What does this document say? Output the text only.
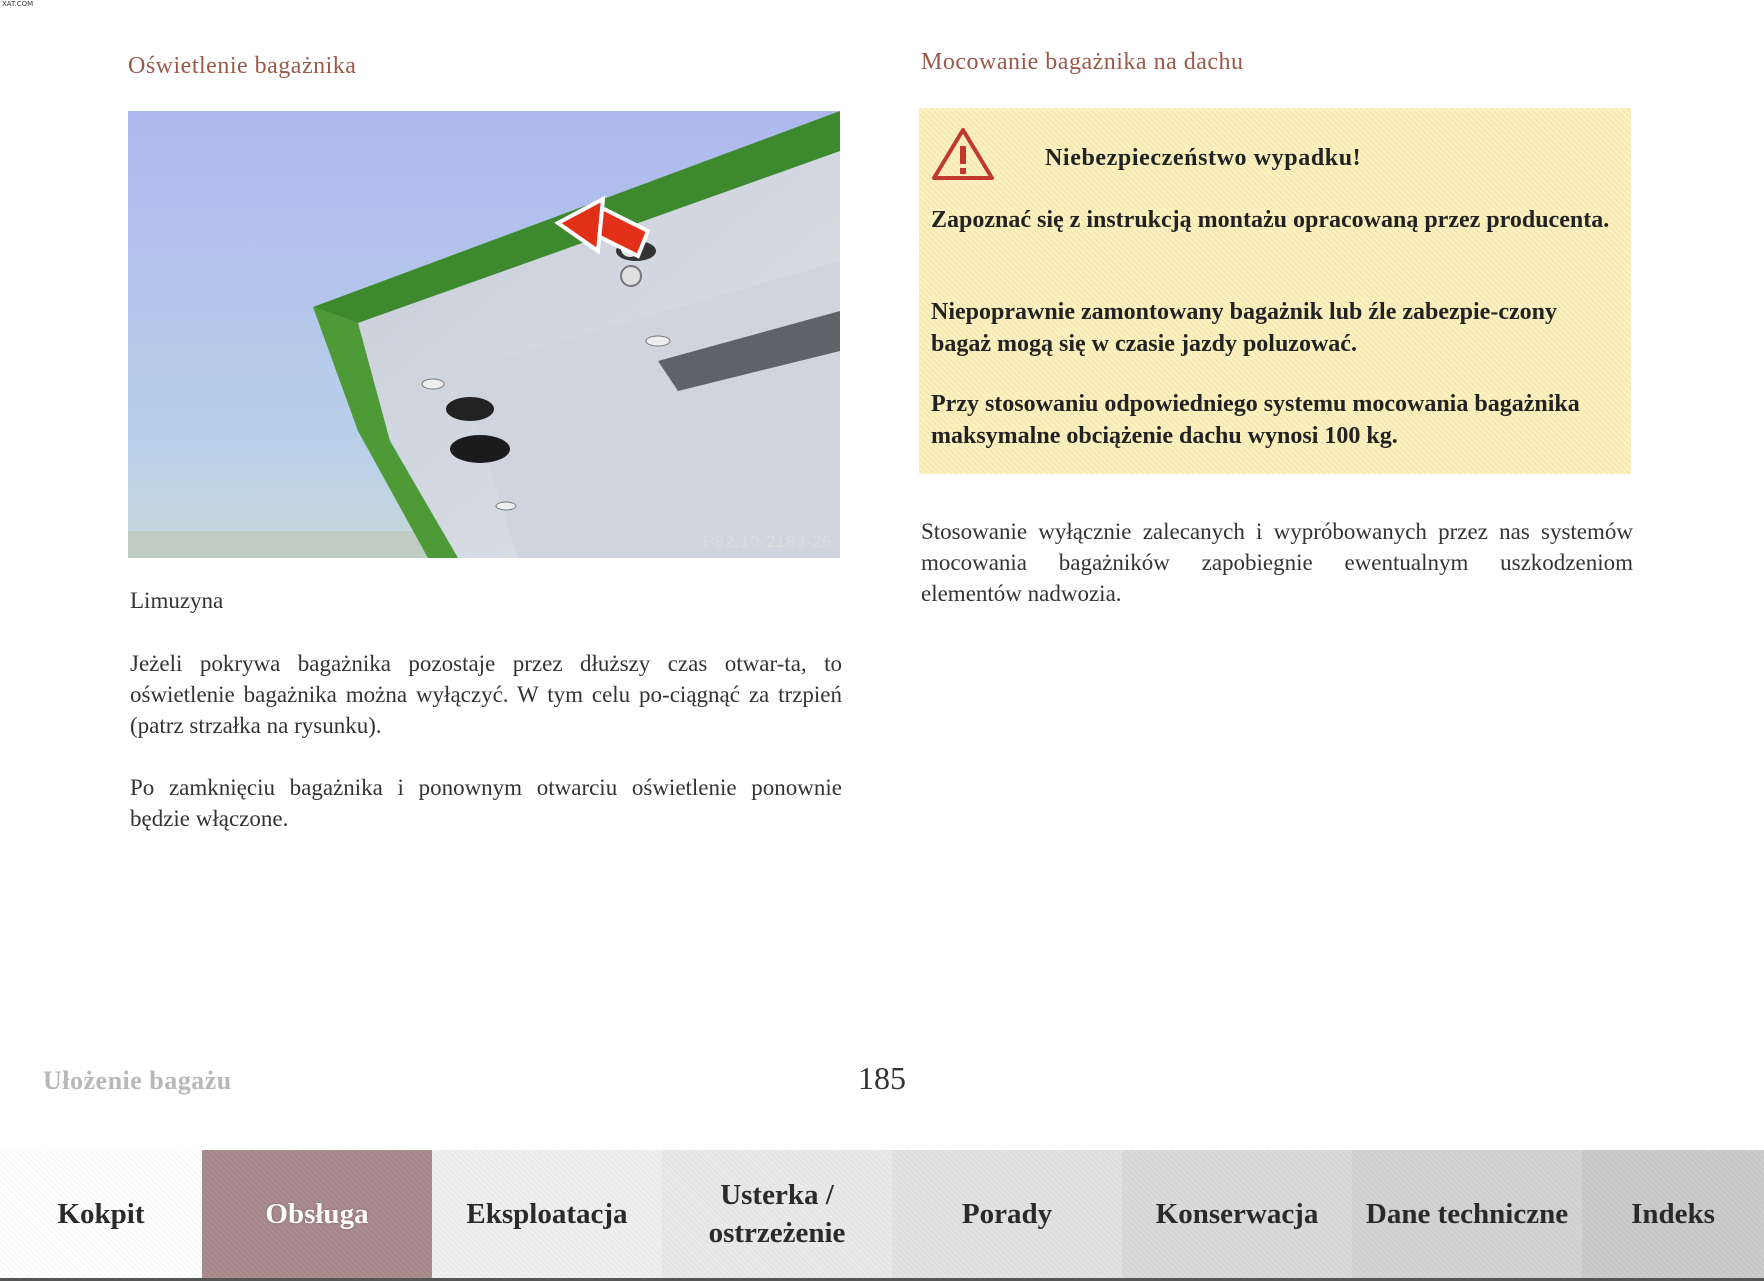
XAT.COM
Oświetlenie bagażnika
P82.10-2183-26
Limuzyna

Jeżeli pokrywa bagażnika pozostaje przez dłuższy czas otwar-ta, to oświetlenie bagażnika można wyłączyć. W tym celu po-ciągnąć za trzpień (patrz strzałka na rysunku).

Po zamknięciu bagażnika i ponownym otwarciu oświetlenie ponownie będzie włączone.

Mocowanie bagażnika na dachu
Niebezpieczeństwo wypadku!

Zapoznać się z instrukcją montażu opracowaną przez producenta.

Niepoprawnie zamontowany bagażnik lub źle zabezpie-czony bagaż mogą się w czasie jazdy poluzować.

Przy stosowaniu odpowiedniego systemu mocowania bagażnika maksymalne obciążenie dachu wynosi 100 kg.

Stosowanie wyłącznie zalecanych i wypróbowanych przez nas systemów mocowania bagażników zapobiegnie ewentualnym uszkodzeniom elementów nadwozia.

Ułożenie bagażu	185
Kokpit	Obsługa	Eksploatacja
Usterka / ostrzeżenie
Porady	Konserwacja	Dane techniczne	Indeks
